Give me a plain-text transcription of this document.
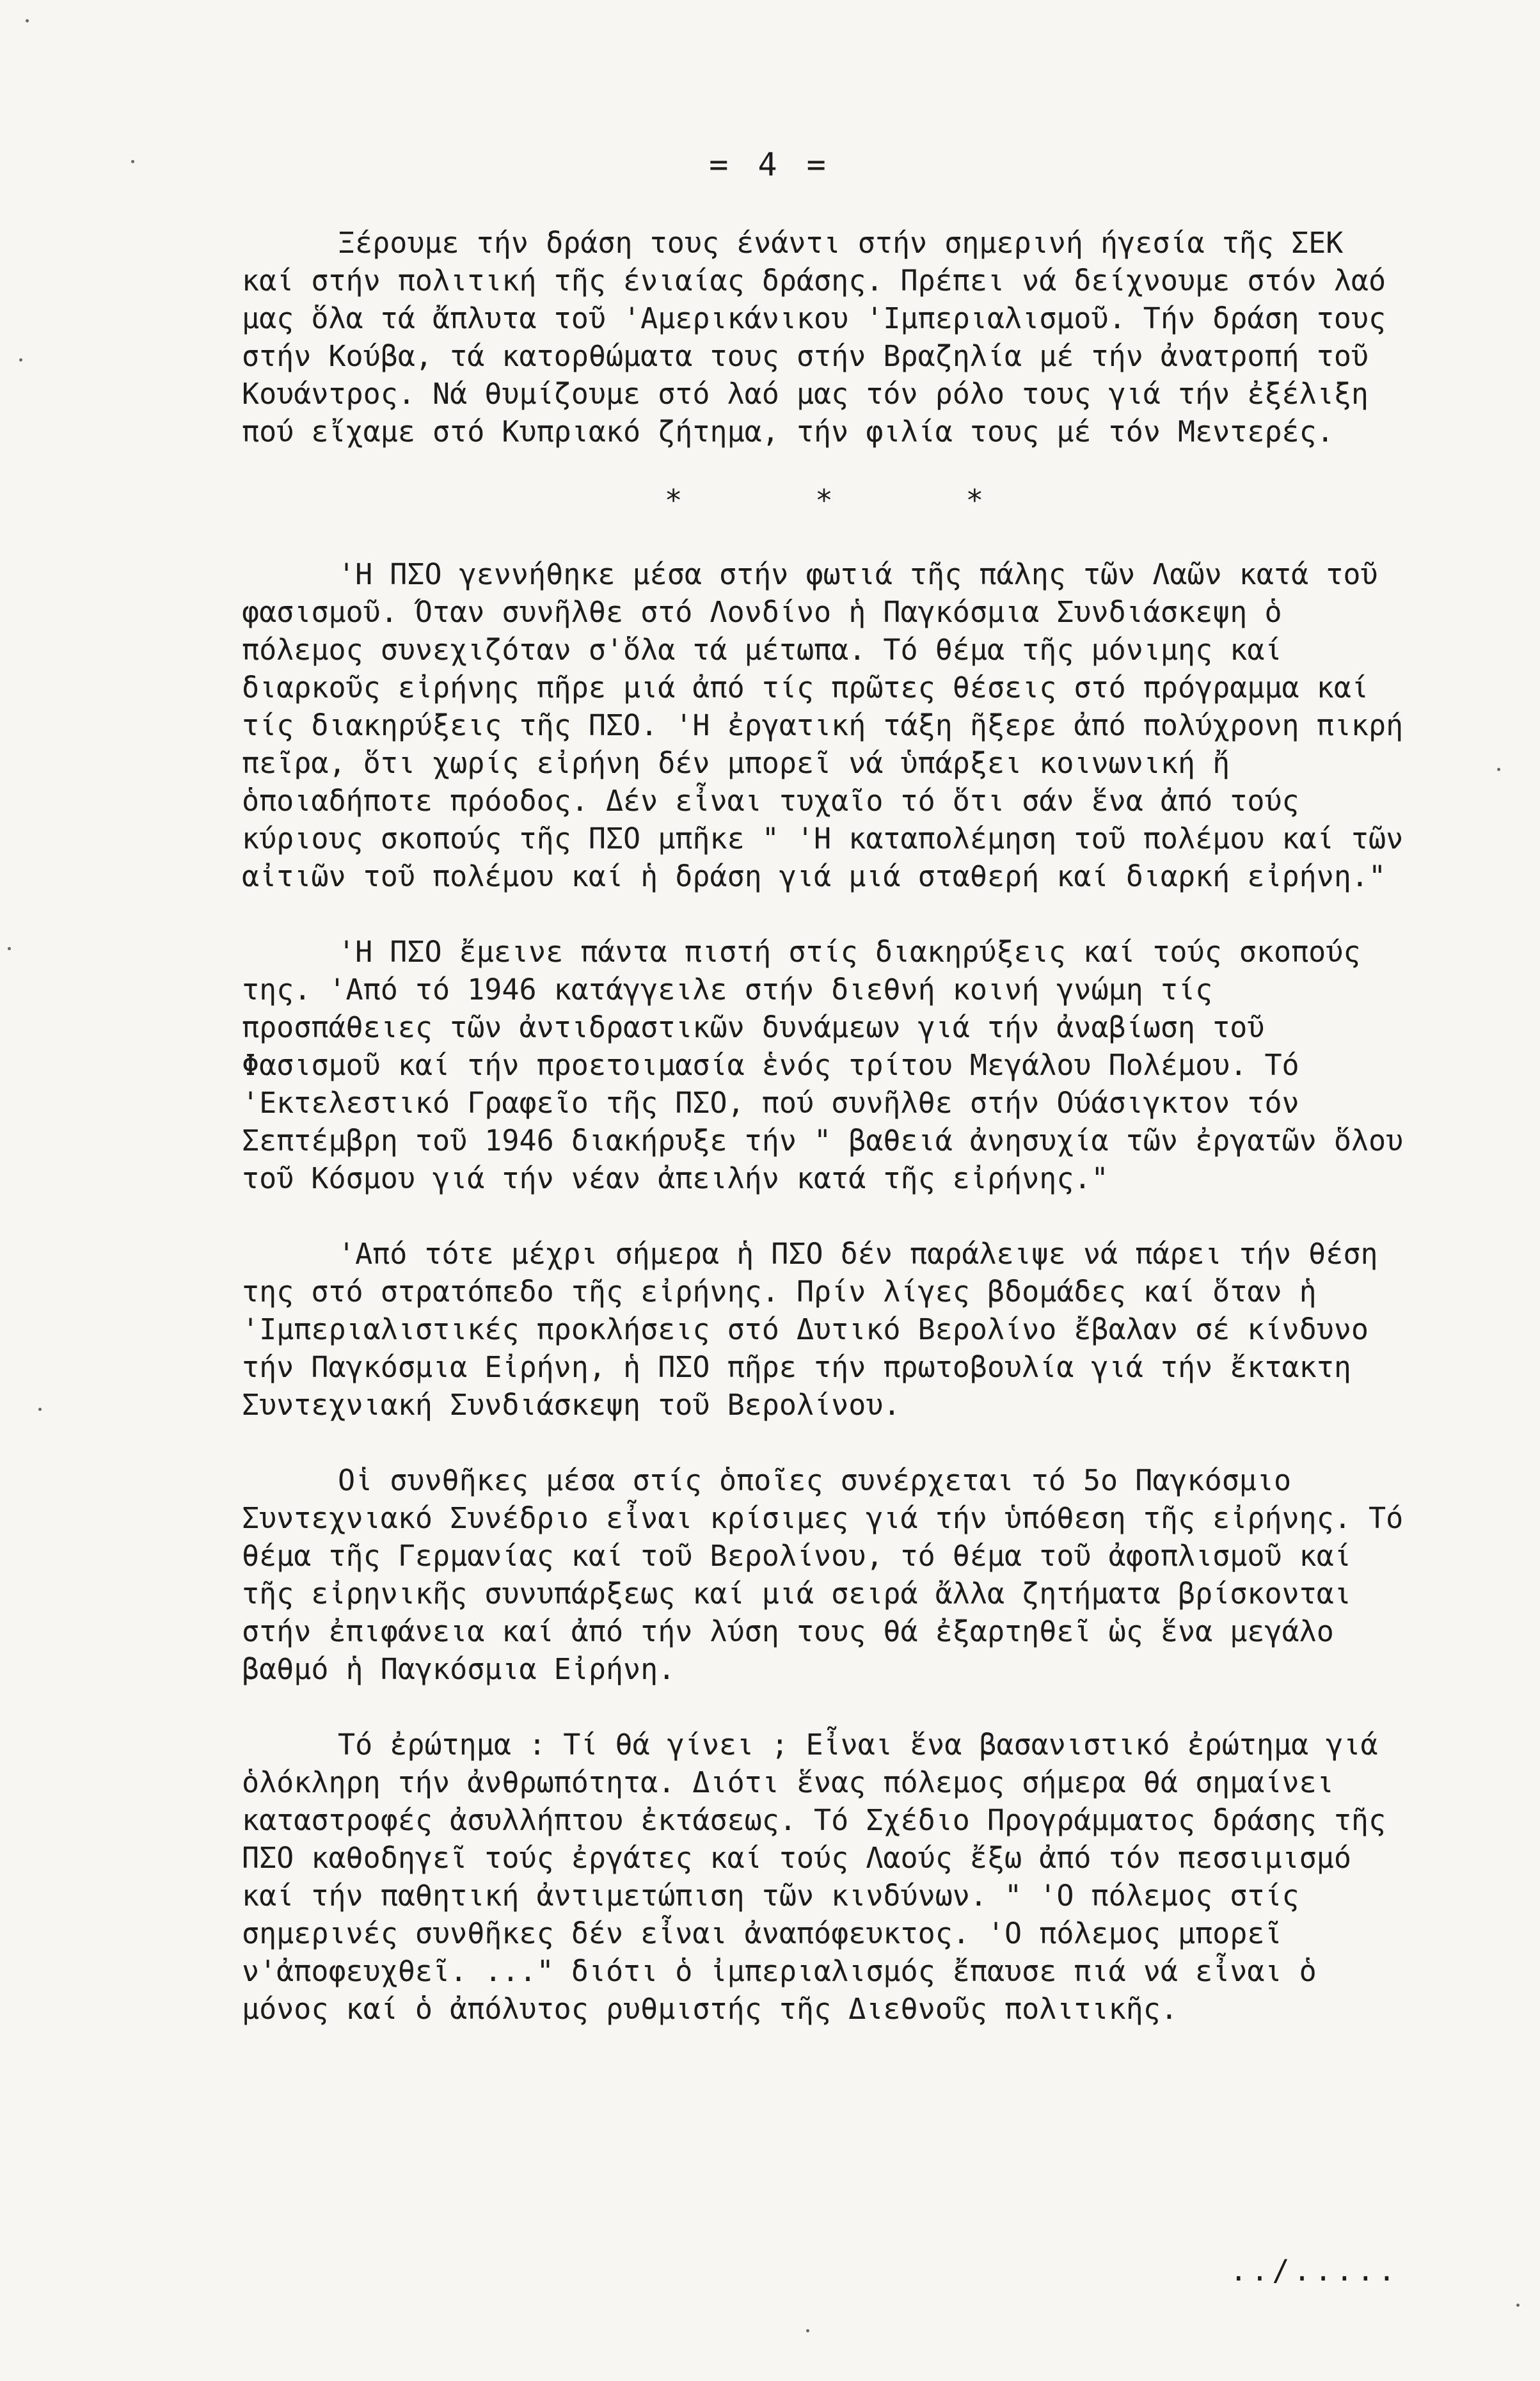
= 4 =

Ξέρουμε τήν δράση τους ένάντι στήν σημερινή ήγεσία τῆς ΣΕΚ καί στήν πολιτική τῆς ένιαίας δράσης. Πρέπει νά δείχνουμε στόν λαό μας ὅλα τά ἄπλυτα τοῦ 'Αμερικάνικου 'Ιμπεριαλισμοῦ. Τήν δράση τους στήν Κούβα, τά κατορθώματα τους στήν Βραζηλία μέ τήν ἀνατροπή τοῦ Κουάντρος. Νά θυμίζουμε στό λαό μας τόν ρόλο τους γιά τήν ἐξέλιξη πού εἴχαμε στό Κυπριακό ζήτημα, τήν φιλία τους μέ τόν Μεντερές.

* * *

'Η ΠΣΟ γεννήθηκε μέσα στήν φωτιά τῆς πάλης τῶν Λαῶν κατά τοῦ φασισμοῦ. Όταν συνῆλθε στό Λονδίνο ἡ Παγκόσμια Συνδιάσκεψη ὁ πόλεμος συνεχιζόταν σ'ὅλα τά μέτωπα. Τό θέμα τῆς μόνιμης καί διαρκοῦς εἰρήνης πῆρε μιά ἀπό τίς πρῶτες θέσεις στό πρόγραμμα καί τίς διακηρύξεις τῆς ΠΣΟ. 'Η ἐργατική τάξη ῆξερε ἀπό πολύχρονη πικρή πεῖρα, ὅτι χωρίς εἰρήνη δέν μπορεῖ νά ὑπάρξει κοινωνική ἤ ὁποιαδήποτε πρόοδος. Δέν εἶναι τυχαῖο τό ὅτι σάν ἕνα ἀπό τούς κύριους σκοπούς τῆς ΠΣΟ μπῆκε " 'Η καταπολέμηση τοῦ πολέμου καί τῶν αἰτιῶν τοῦ πολέμου καί ἡ δράση γιά μιά σταθερή καί διαρκή εἰρήνη."

'Η ΠΣΟ ἔμεινε πάντα πιστή στίς διακηρύξεις καί τούς σκοπούς της. 'Από τό 1946 κατάγγειλε στήν διεθνή κοινή γνώμη τίς προσπάθειες τῶν ἀντιδραστικῶν δυνάμεων γιά τήν ἀναβίωση τοῦ Φασισμοῦ καί τήν προετοιμασία ἑνός τρίτου Μεγάλου Πολέμου. Τό 'Εκτελεστικό Γραφεῖο τῆς ΠΣΟ, πού συνῆλθε στήν Ούάσιγκτον τόν Σεπτέμβρη τοῦ 1946 διακήρυξε τήν " βαθειά ἀνησυχία τῶν ἐργατῶν ὅλου τοῦ Κόσμου γιά τήν νέαν ἀπειλήν κατά τῆς εἰρήνης."

'Από τότε μέχρι σήμερα ἡ ΠΣΟ δέν παράλειψε νά πάρει τήν θέση της στό στρατόπεδο τῆς εἰρήνης. Πρίν λίγες βδομάδες καί ὅταν ἡ 'Ιμπεριαλιστικές προκλήσεις στό Δυτικό Βερολίνο ἔβαλαν σέ κίνδυνο τήν Παγκόσμια Εἰρήνη, ἡ ΠΣΟ πῆρε τήν πρωτοβουλία γιά τήν ἔκτακτη Συντεχνιακή Συνδιάσκεψη τοῦ Βερολίνου.

Οἱ συνθῆκες μέσα στίς ὁποῖες συνέρχεται τό 5ο Παγκόσμιο Συντεχνιακό Συνέδριο εἶναι κρίσιμες γιά τήν ὑπόθεση τῆς εἰρήνης. Τό θέμα τῆς Γερμανίας καί τοῦ Βερολίνου, τό θέμα τοῦ ἀφοπλισμοῦ καί τῆς εἰρηνικῆς συνυπάρξεως καί μιά σειρά ἄλλα ζητήματα βρίσκονται στήν ἐπιφάνεια καί ἀπό τήν λύση τους θά ἐξαρτηθεῖ ὡς ἕνα μεγάλο βαθμό ἡ Παγκόσμια Εἰρήνη.

Τό ἐρώτημα : Τί θά γίνει ; Εἶναι ἕνα βασανιστικό ἐρώτημα γιά ὁλόκληρη τήν ἀνθρωπότητα. Διότι ἕνας πόλεμος σήμερα θά σημαίνει καταστροφές ἀσυλλήπτου ἐκτάσεως. Τό Σχέδιο Προγράμματος δράσης τῆς ΠΣΟ καθοδηγεῖ τούς ἐργάτες καί τούς Λαούς ἔξω ἀπό τόν πεσσιμισμό καί τήν παθητική ἀντιμετώπιση τῶν κινδύνων. " 'Ο πόλεμος στίς σημερινές συνθῆκες δέν εἶναι ἀναπόφευκτος. 'Ο πόλεμος μπορεῖ ν'ἀποφευχθεῖ. ..." διότι ὁ ἰμπεριαλισμός ἔπαυσε πιά νά εἶναι ὁ μόνος καί ὁ ἀπόλυτος ρυθμιστής τῆς Διεθνοῦς πολιτικῆς.

../.....
